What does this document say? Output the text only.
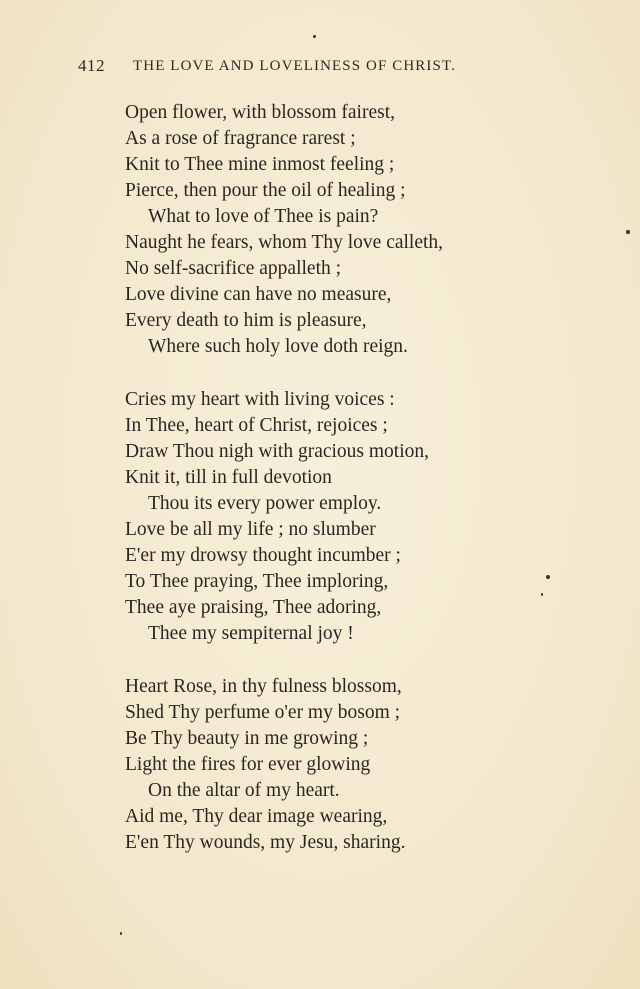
412 THE LOVE AND LOVELINESS OF CHRIST.
Open flower, with blossom fairest,
As a rose of fragrance rarest ;
Knit to Thee mine inmost feeling ;
Pierce, then pour the oil of healing ;
What to love of Thee is pain?
Naught he fears, whom Thy love calleth,
No self-sacrifice appalleth ;
Love divine can have no measure,
Every death to him is pleasure,
Where such holy love doth reign.
Cries my heart with living voices :
In Thee, heart of Christ, rejoices ;
Draw Thou nigh with gracious motion,
Knit it, till in full devotion
Thou its every power employ.
Love be all my life ; no slumber
E'er my drowsy thought incumber ;
To Thee praying, Thee imploring,
Thee aye praising, Thee adoring,
Thee my sempiternal joy !
Heart Rose, in thy fulness blossom,
Shed Thy perfume o'er my bosom ;
Be Thy beauty in me growing ;
Light the fires for ever glowing
On the altar of my heart.
Aid me, Thy dear image wearing,
E'en Thy wounds, my Jesu, sharing.
